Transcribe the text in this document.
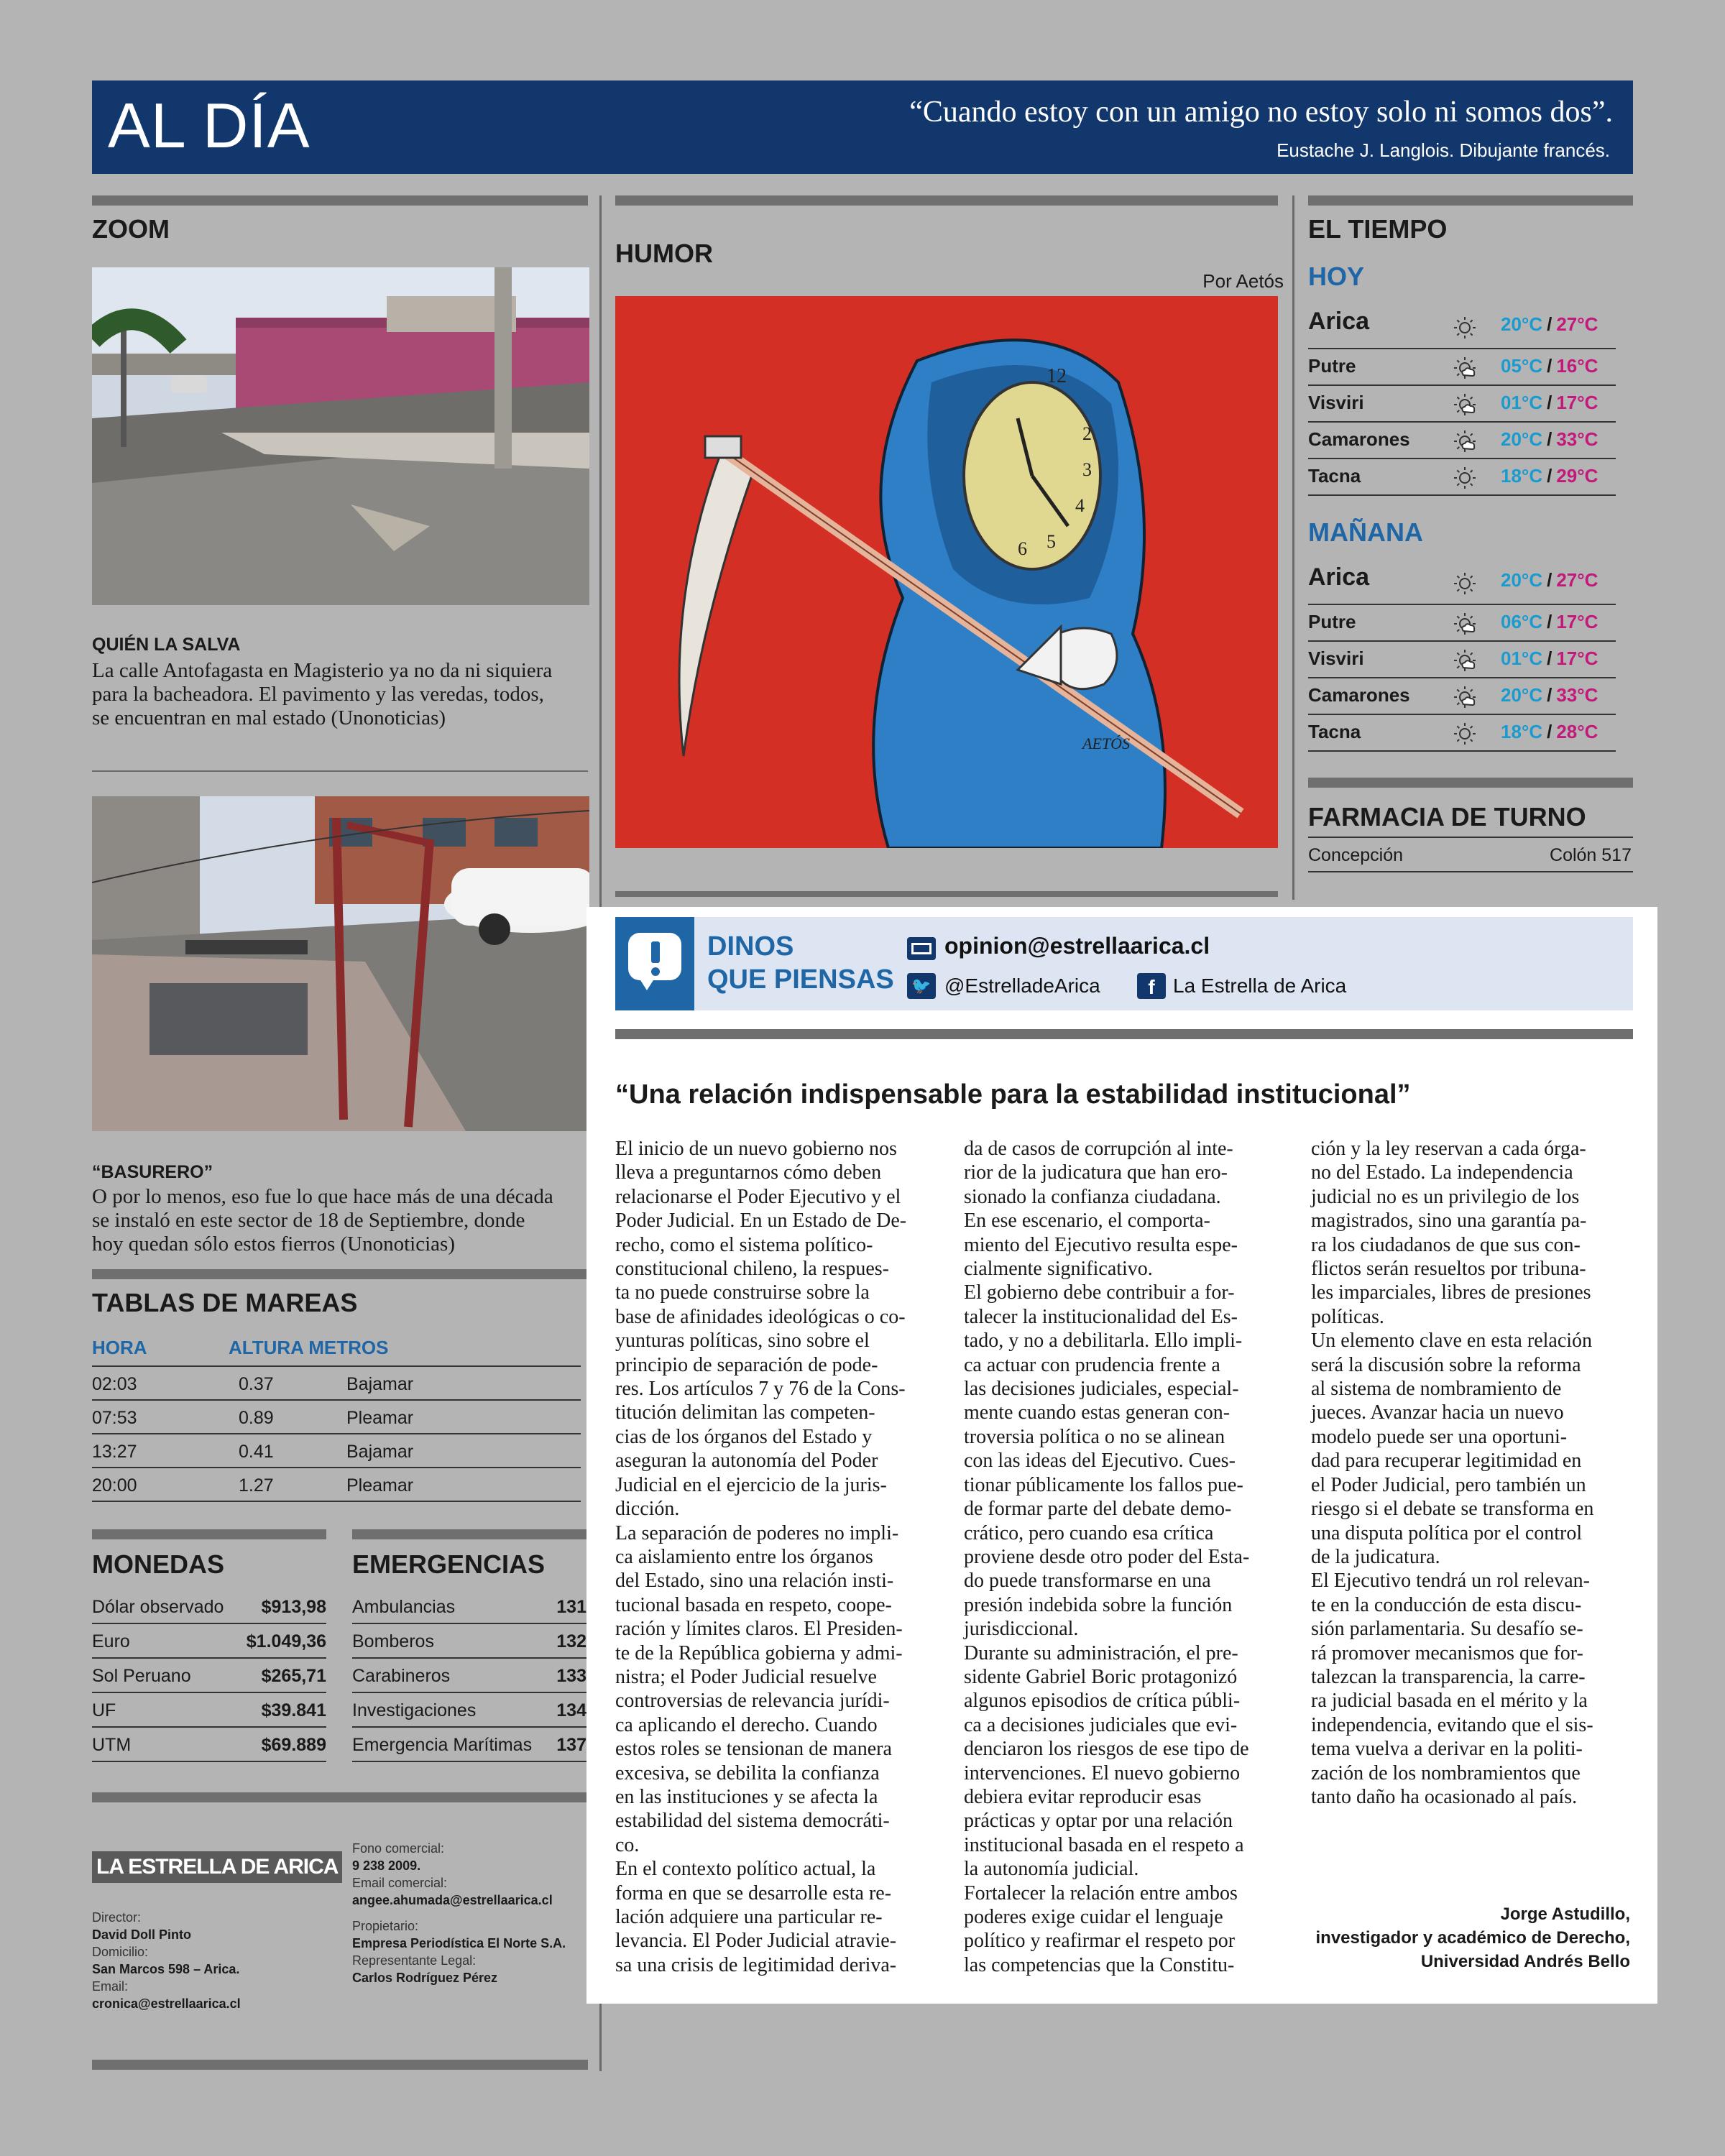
AL DÍA	“Cuando estoy con un amigo no estoy solo ni somos dos”.
Eustache J. Langlois. Dibujante francés.
ZOOM
QUIÉN LA SALVA
La calle Antofagasta en Magisterio ya no da ni siquiera
para la bacheadora. El pavimento y las veredas, todos,
se encuentran en mal estado (Unonoticias)
“BASURERO”
O por lo menos, eso fue lo que hace más de una década
se instaló en este sector de 18 de Septiembre, donde
hoy quedan sólo estos fierros (Unonoticias)
TABLAS DE MAREAS
HORA	ALTURA METROS
02:03	0.37	Bajamar
07:53	0.89	Pleamar
13:27	0.41	Bajamar
20:00	1.27	Pleamar
MONEDAS	EMERGENCIAS
Dólar observado $913,98
Euro	$1.049,36
Sol Peruano	$265,71
UF	$39.841
UTM	$69.889
Ambulancias	131
Bomberos	132
Carabineros	133
Investigaciones	134
Emergencia Marítimas 137
LA ESTRELLA DE ARICA
Director:
David Doll Pinto
Domicilio:
San Marcos 598 – Arica.
Email:
cronica@estrellaarica.cl
Fono comercial:
9 238 2009.
Email comercial:
angee.ahumada@estrellaarica.cl
Propietario:
Empresa Periodística El Norte S.A.
Representante Legal:
Carlos Rodríguez Pérez
HUMOR
Por Aetós
12
2
3
4
6 5
AETÓS
EL TIEMPO
HOY
Arica	20°C / 27°C
Putre	05°C / 16°C
Visviri	01°C / 17°C
Camarones	20°C / 33°C
Tacna	18°C / 29°C
MAÑANA
Arica	20°C / 27°C
Putre	06°C / 17°C
Visviri	01°C / 17°C
Camarones	20°C / 33°C
Tacna	18°C / 28°C
FARMACIA DE TURNO
Concepción	Colón 517
DINOS
QUE PIENSAS
opinion@estrellaarica.cl
🐦 @EstrelladeArica	f La Estrella de Arica
“Una relación indispensable para la estabilidad institucional”
El inicio de un nuevo gobierno nos
lleva a preguntarnos cómo deben
relacionarse el Poder Ejecutivo y el
Poder Judicial. En un Estado de De-
recho, como el sistema político-
constitucional chileno, la respues-
ta no puede construirse sobre la
base de afinidades ideológicas o co-
yunturas políticas, sino sobre el
principio de separación de pode-
res. Los artículos 7 y 76 de la Cons-
titución delimitan las competen-
cias de los órganos del Estado y
aseguran la autonomía del Poder
Judicial en el ejercicio de la juris-
dicción.
La separación de poderes no impli-
ca aislamiento entre los órganos
del Estado, sino una relación insti-
tucional basada en respeto, coope-
ración y límites claros. El Presiden-
te de la República gobierna y admi-
nistra; el Poder Judicial resuelve
controversias de relevancia jurídi-
ca aplicando el derecho. Cuando
estos roles se tensionan de manera
excesiva, se debilita la confianza
en las instituciones y se afecta la
estabilidad del sistema democráti-
co.
En el contexto político actual, la
forma en que se desarrolle esta re-
lación adquiere una particular re-
levancia. El Poder Judicial atravie-
sa una crisis de legitimidad deriva-
da de casos de corrupción al inte-
rior de la judicatura que han ero-
sionado la confianza ciudadana.
En ese escenario, el comporta-
miento del Ejecutivo resulta espe-
cialmente significativo.
El gobierno debe contribuir a for-
talecer la institucionalidad del Es-
tado, y no a debilitarla. Ello impli-
ca actuar con prudencia frente a
las decisiones judiciales, especial-
mente cuando estas generan con-
troversia política o no se alinean
con las ideas del Ejecutivo. Cues-
tionar públicamente los fallos pue-
de formar parte del debate demo-
crático, pero cuando esa crítica
proviene desde otro poder del Esta-
do puede transformarse en una
presión indebida sobre la función
jurisdiccional.
Durante su administración, el pre-
sidente Gabriel Boric protagonizó
algunos episodios de crítica públi-
ca a decisiones judiciales que evi-
denciaron los riesgos de ese tipo de
intervenciones. El nuevo gobierno
debiera evitar reproducir esas
prácticas y optar por una relación
institucional basada en el respeto a
la autonomía judicial.
Fortalecer la relación entre ambos
poderes exige cuidar el lenguaje
político y reafirmar el respeto por
las competencias que la Constitu-
ción y la ley reservan a cada órga-
no del Estado. La independencia
judicial no es un privilegio de los
magistrados, sino una garantía pa-
ra los ciudadanos de que sus con-
flictos serán resueltos por tribuna-
les imparciales, libres de presiones
políticas.
Un elemento clave en esta relación
será la discusión sobre la reforma
al sistema de nombramiento de
jueces. Avanzar hacia un nuevo
modelo puede ser una oportuni-
dad para recuperar legitimidad en
el Poder Judicial, pero también un
riesgo si el debate se transforma en
una disputa política por el control
de la judicatura.
El Ejecutivo tendrá un rol relevan-
te en la conducción de esta discu-
sión parlamentaria. Su desafío se-
rá promover mecanismos que for-
talezcan la transparencia, la carre-
ra judicial basada en el mérito y la
independencia, evitando que el sis-
tema vuelva a derivar en la politi-
zación de los nombramientos que
tanto daño ha ocasionado al país.
Jorge Astudillo,
investigador y académico de Derecho,
Universidad Andrés Bello
